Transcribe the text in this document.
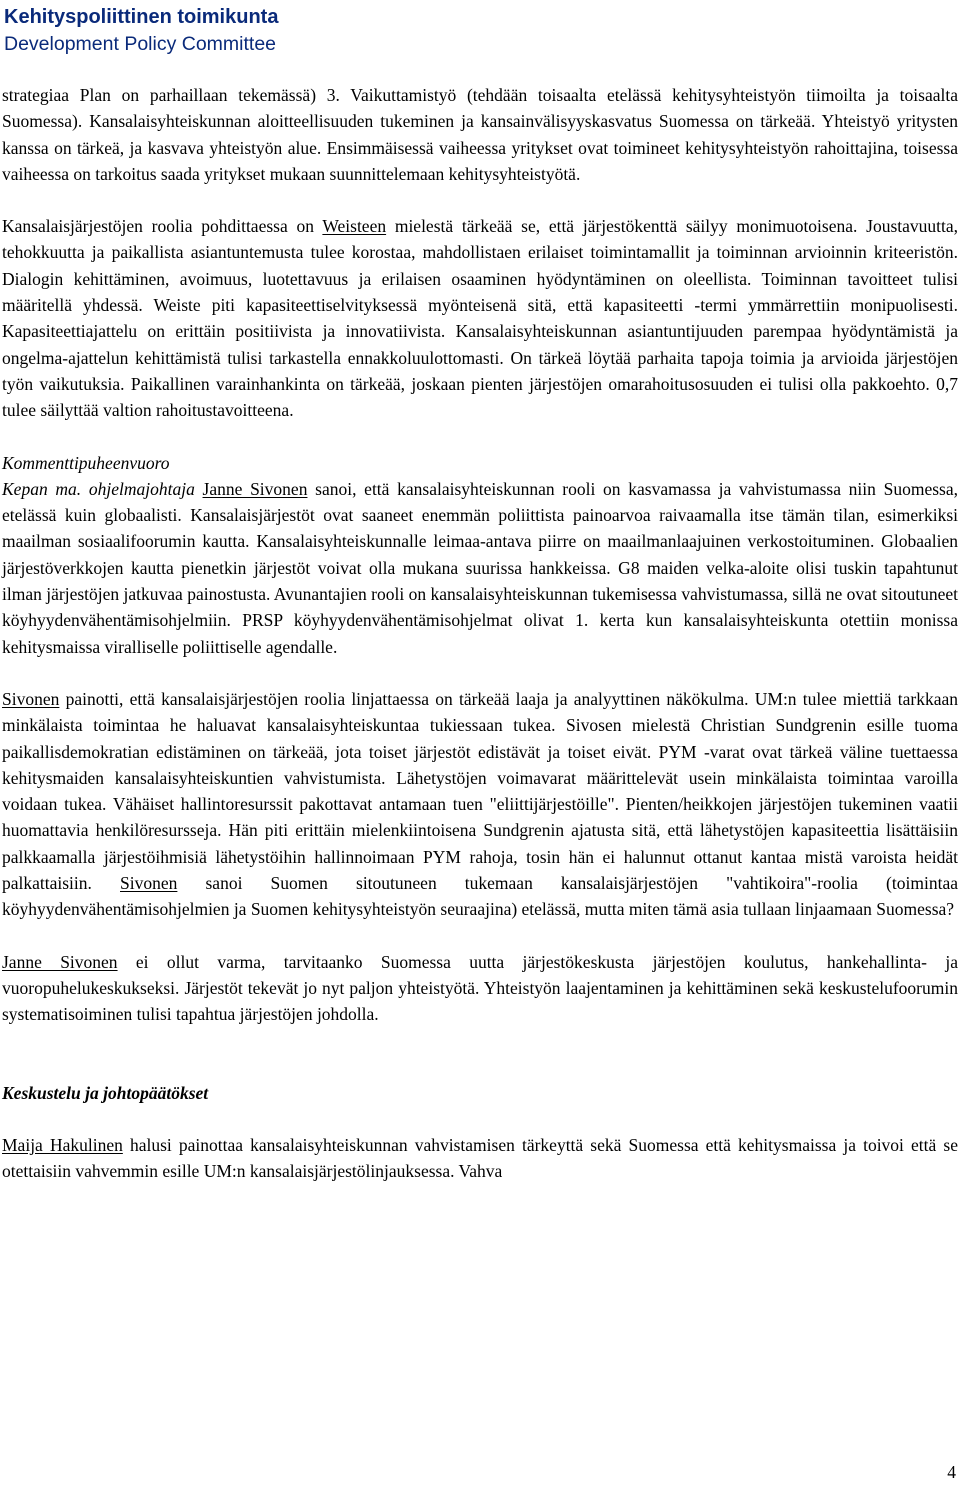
Kehityspoliittinen toimikunta
Development Policy Committee

strategiaa Plan on parhaillaan tekemässä) 3. Vaikuttamistyö (tehdään toisaalta etelässä kehitysyhteistyön tiimoilta ja toisaalta Suomessa). Kansalaisyhteiskunnan aloitteellisuuden tukeminen ja kansainvälisyyskasvatus Suomessa on tärkeää. Yhteistyö yritysten kanssa on tärkeä, ja kasvava yhteistyön alue. Ensimmäisessä vaiheessa yritykset ovat toimineet kehitysyhteistyön rahoittajina, toisessa vaiheessa on tarkoitus saada yritykset mukaan suunnittelemaan kehitysyhteistyötä.

Kansalaisjärjestöjen roolia pohdittaessa on Weisteen mielestä tärkeää se, että järjestökenttä säilyy monimuotoisena. Joustavuutta, tehokkuutta ja paikallista asiantuntemusta tulee korostaa, mahdollistaen erilaiset toimintamallit ja toiminnan arvioinnin kriteeristön. Dialogin kehittäminen, avoimuus, luotettavuus ja erilaisen osaaminen hyödyntäminen on oleellista. Toiminnan tavoitteet tulisi määritellä yhdessä. Weiste piti kapasiteettiselvityksessä myönteisenä sitä, että kapasiteetti -termi ymmärrettiin monipuolisesti. Kapasiteettiajattelu on erittäin positiivista ja innovatiivista. Kansalaisyhteiskunnan asiantuntijuuden parempaa hyödyntämistä ja ongelma-ajattelun kehittämistä tulisi tarkastella ennakkoluulottomasti. On tärkeä löytää parhaita tapoja toimia ja arvioida järjestöjen työn vaikutuksia. Paikallinen varainhankinta on tärkeää, joskaan pienten järjestöjen omarahoitusosuuden ei tulisi olla pakkoehto. 0,7 tulee säilyttää valtion rahoitustavoitteena.

Kommenttipuheenvuoro
Kepan ma. ohjelmajohtaja Janne Sivonen sanoi, että kansalaisyhteiskunnan rooli on kasvamassa ja vahvistumassa niin Suomessa, etelässä kuin globaalisti. Kansalaisjärjestöt ovat saaneet enemmän poliittista painoarvoa raivaamalla itse tämän tilan, esimerkiksi maailman sosiaalifoorumin kautta. Kansalaisyhteiskunnalle leimaa-antava piirre on maailmanlaajuinen verkostoituminen. Globaalien järjestöverkkojen kautta pienetkin järjestöt voivat olla mukana suurissa hankkeissa. G8 maiden velka-aloite olisi tuskin tapahtunut ilman järjestöjen jatkuvaa painostusta. Avunantajien rooli on kansalaisyhteiskunnan tukemisessa vahvistumassa, sillä ne ovat sitoutuneet köyhyydenvähentämisohjelmiin. PRSP köyhyydenvähentämisohjelmat olivat 1. kerta kun kansalaisyhteiskunta otettiin monissa kehitysmaissa viralliselle poliittiselle agendalle.

Sivonen painotti, että kansalaisjärjestöjen roolia linjattaessa on tärkeää laaja ja analyyttinen näkökulma. UM:n tulee miettiä tarkkaan minkälaista toimintaa he haluavat kansalaisyhteiskuntaa tukiessaan tukea. Sivosen mielestä Christian Sundgrenin esille tuoma paikallisdemokratian edistäminen on tärkeää, jota toiset järjestöt edistävät ja toiset eivät. PYM -varat ovat tärkeä väline tuettaessa kehitysmaiden kansalaisyhteiskuntien vahvistumista. Lähetystöjen voimavarat määrittelevät usein minkälaista toimintaa varoilla voidaan tukea. Vähäiset hallintoresurssit pakottavat antamaan tuen "eliittijärjestöille". Pienten/heikkojen järjestöjen tukeminen vaatii huomattavia henkilöresursseja. Hän piti erittäin mielenkiintoisena Sundgrenin ajatusta sitä, että lähetystöjen kapasiteettia lisättäisiin palkkaamalla järjestöihmisiä lähetystöihin hallinnoimaan PYM rahoja, tosin hän ei halunnut ottanut kantaa mistä varoista heidät palkattaisiin. Sivonen sanoi Suomen sitoutuneen tukemaan kansalaisjärjestöjen "vahtikoira"-roolia (toimintaa köyhyydenvähentämisohjelmien ja Suomen kehitysyhteistyön seuraajina) etelässä, mutta miten tämä asia tullaan linjaamaan Suomessa?

Janne Sivonen ei ollut varma, tarvitaanko Suomessa uutta järjestökeskusta järjestöjen koulutus, hankehallinta- ja vuoropuhelukeskukseksi. Järjestöt tekevät jo nyt paljon yhteistyötä. Yhteistyön laajentaminen ja kehittäminen sekä keskustelufoorumin systematisoiminen tulisi tapahtua järjestöjen johdolla.

Keskustelu ja johtopäätökset

Maija Hakulinen halusi painottaa kansalaisyhteiskunnan vahvistamisen tärkeyttä sekä Suomessa että kehitysmaissa ja toivoi että se otettaisiin vahvemmin esille UM:n kansalaisjärjestölinjauksessa. Vahva

4
